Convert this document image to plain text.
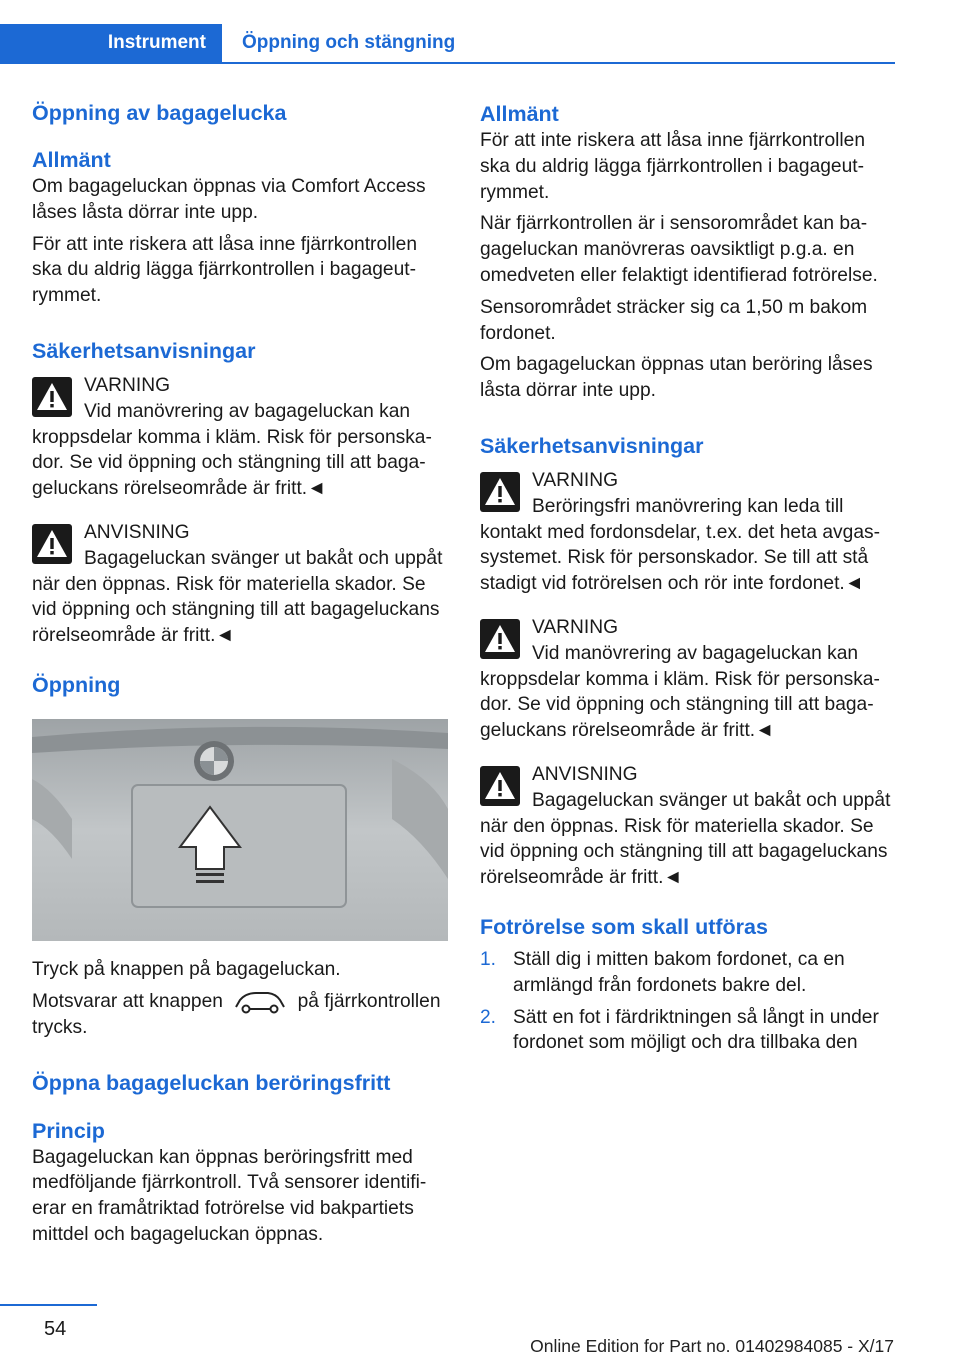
Instrument	Öppning och stängning
Öppning av bagagelucka
Allmänt

Om bagageluckan öppnas via Comfort Access låses låsta dörrar inte upp.

För att inte riskera att låsa inne fjärrkontrollen ska du aldrig lägga fjärrkontrollen i bagageutrymmet.

Säkerhetsanvisningar
VARNING
Vid manövrering av bagageluckan kan kroppsdelar komma i kläm. Risk för personskador. Se vid öppning och stängning till att bagageluckans rörelseområde är fritt.◄
ANVISNING
Bagageluckan svänger ut bakåt och uppåt när den öppnas. Risk för materiella skador. Se vid öppning och stängning till att bagageluckans rörelseområde är fritt.◄
Öppning

Tryck på knappen på bagageluckan.

Motsvarar att knappen	på fjärrkontrollen trycks.

Öppna bagageluckan beröringsfritt
Princip

Bagageluckan kan öppnas beröringsfritt med medföljande fjärrkontroll. Två sensorer identifierar en framåtriktad fotrörelse vid bakpartiets mittdel och bagageluckan öppnas.

Allmänt

För att inte riskera att låsa inne fjärrkontrollen ska du aldrig lägga fjärrkontrollen i bagageutrymmet.

När fjärrkontrollen är i sensorområdet kan bagageluckan manövreras oavsiktligt p.g.a. en omedveten eller felaktigt identifierad fotrörelse.

Sensorområdet sträcker sig ca 1,50 m bakom fordonet.

Om bagageluckan öppnas utan beröring låses låsta dörrar inte upp.

Säkerhetsanvisningar
VARNING
Beröringsfri manövrering kan leda till kontakt med fordonsdelar, t.ex. det heta avgassystemet. Risk för personskador. Se till att stå stadigt vid fotrörelsen och rör inte fordonet.◄
VARNING
Vid manövrering av bagageluckan kan kroppsdelar komma i kläm. Risk för personskador. Se vid öppning och stängning till att bagageluckans rörelseområde är fritt.◄
ANVISNING
Bagageluckan svänger ut bakåt och uppåt när den öppnas. Risk för materiella skador. Se vid öppning och stängning till att bagageluckans rörelseområde är fritt.◄
Fotrörelse som skall utföras
1. Ställ dig i mitten bakom fordonet, ca en armlängd från fordonets bakre del.
2. Sätt en fot i färdriktningen så långt in under fordonet som möjligt och dra tillbaka den
54
Online Edition for Part no. 01402984085 - X/17
